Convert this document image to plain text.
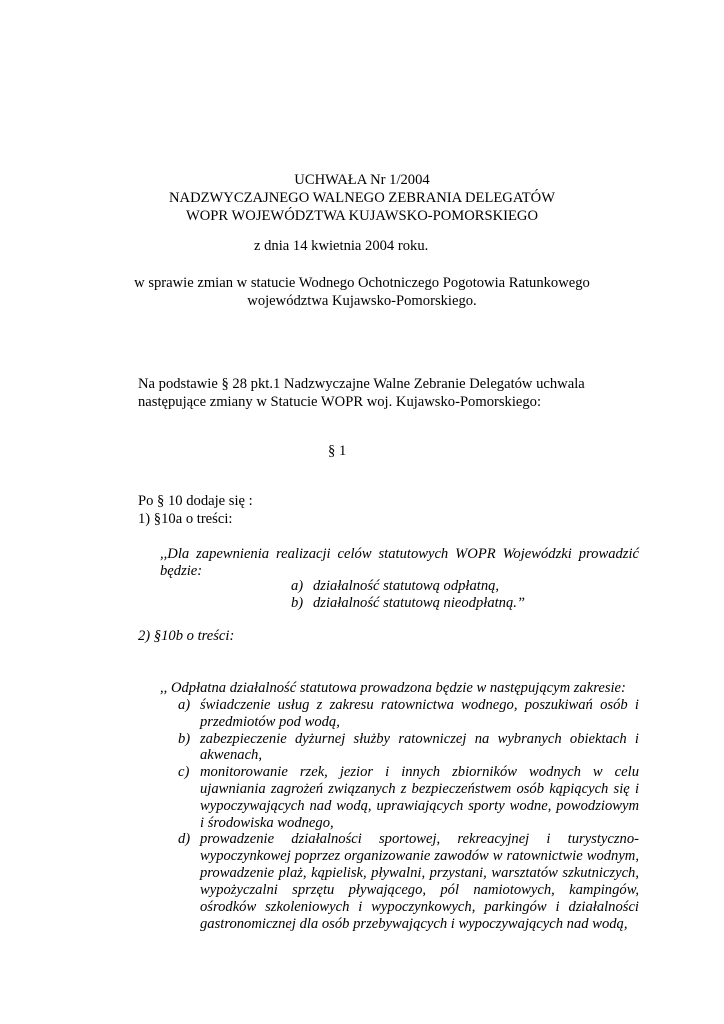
UCHWAŁA Nr 1/2004
NADZWYCZAJNEGO WALNEGO ZEBRANIA DELEGATÓW
WOPR WOJEWÓDZTWA KUJAWSKO-POMORSKIEGO
z dnia 14 kwietnia 2004 roku.
w sprawie zmian w statucie Wodnego Ochotniczego Pogotowia Ratunkowego
województwa Kujawsko-Pomorskiego.
Na podstawie § 28 pkt.1 Nadzwyczajne Walne Zebranie Delegatów uchwala
następujące zmiany w Statucie WOPR woj. Kujawsko-Pomorskiego:
§ 1
Po § 10 dodaje się :
1) §10a o treści:
,,Dla zapewnienia realizacji celów statutowych WOPR Wojewódzki prowadzić
będzie:
a) działalność statutową odpłatną,
b) działalność statutową nieodpłatną.”
2) §10b o treści:
,, Odpłatna działalność statutowa prowadzona będzie w następującym zakresie:
a) świadczenie usług z zakresu ratownictwa wodnego, poszukiwań osób i
przedmiotów pod wodą,
b) zabezpieczenie dyżurnej służby ratowniczej na wybranych obiektach i
akwenach,
c) monitorowanie rzek, jezior i innych zbiorników wodnych w celu
ujawniania zagrożeń związanych z bezpieczeństwem osób kąpiących się i
wypoczywających nad wodą, uprawiających sporty wodne, powodziowym
i środowiska wodnego,
d) prowadzenie działalności sportowej, rekreacyjnej i turystyczno-
wypoczynkowej poprzez organizowanie zawodów w ratownictwie wodnym,
prowadzenie plaż, kąpielisk, pływalni, przystani, warsztatów szkutniczych,
wypożyczalni sprzętu pływającego, pól namiotowych, kampingów,
ośrodków szkoleniowych i wypoczynkowych, parkingów i działalności
gastronomicznej dla osób przebywających i wypoczywających nad wodą,
